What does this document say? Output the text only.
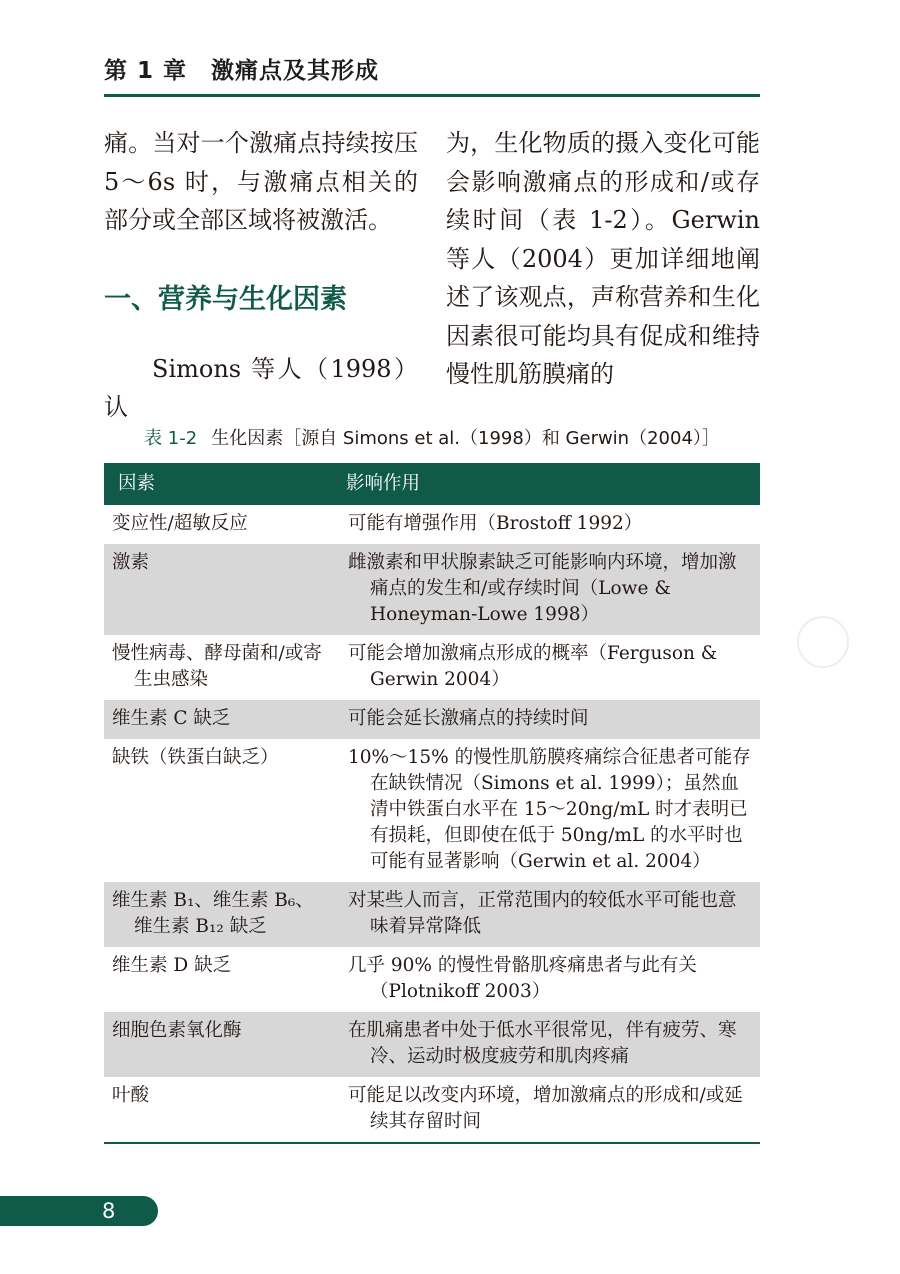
第 1 章　激痛点及其形成

痛。当对一个激痛点持续按压 5～6s 时，与激痛点相关的部分或全部区域将被激活。

一、营养与生化因素

Simons 等人（1998）认

为，生化物质的摄入变化可能会影响激痛点的形成和/或存续时间（表 1-2）。Gerwin 等人（2004）更加详细地阐述了该观点，声称营养和生化因素很可能均具有促成和维持慢性肌筋膜痛的

表 1-2 生化因素［源自 Simons et al.（1998）和 Gerwin（2004）］
因素	影响作用

变应性/超敏反应	可能有增强作用（Brostoff 1992）

激素	雌激素和甲状腺素缺乏可能影响内环境，增加激痛点的发生和/或存续时间（Lowe & Honeyman-Lowe 1998）

慢性病毒、酵母菌和/或寄生虫感染	可能会增加激痛点形成的概率（Ferguson & Gerwin 2004）

维生素 C 缺乏	可能会延长激痛点的持续时间

缺铁（铁蛋白缺乏）	10%～15% 的慢性肌筋膜疼痛综合征患者可能存在缺铁情况（Simons et al. 1999）；虽然血清中铁蛋白水平在 15～20ng/mL 时才表明已有损耗，但即使在低于 50ng/mL 的水平时也可能有显著影响（Gerwin et al. 2004）

维生素 B₁、维生素 B₆、维生素 B₁₂ 缺乏	对某些人而言，正常范围内的较低水平可能也意味着异常降低

维生素 D 缺乏	几乎 90% 的慢性骨骼肌疼痛患者与此有关（Plotnikoff 2003）

细胞色素氧化酶	在肌痛患者中处于低水平很常见，伴有疲劳、寒冷、运动时极度疲劳和肌肉疼痛

叶酸	可能足以改变内环境，增加激痛点的形成和/或延续其存留时间
8
